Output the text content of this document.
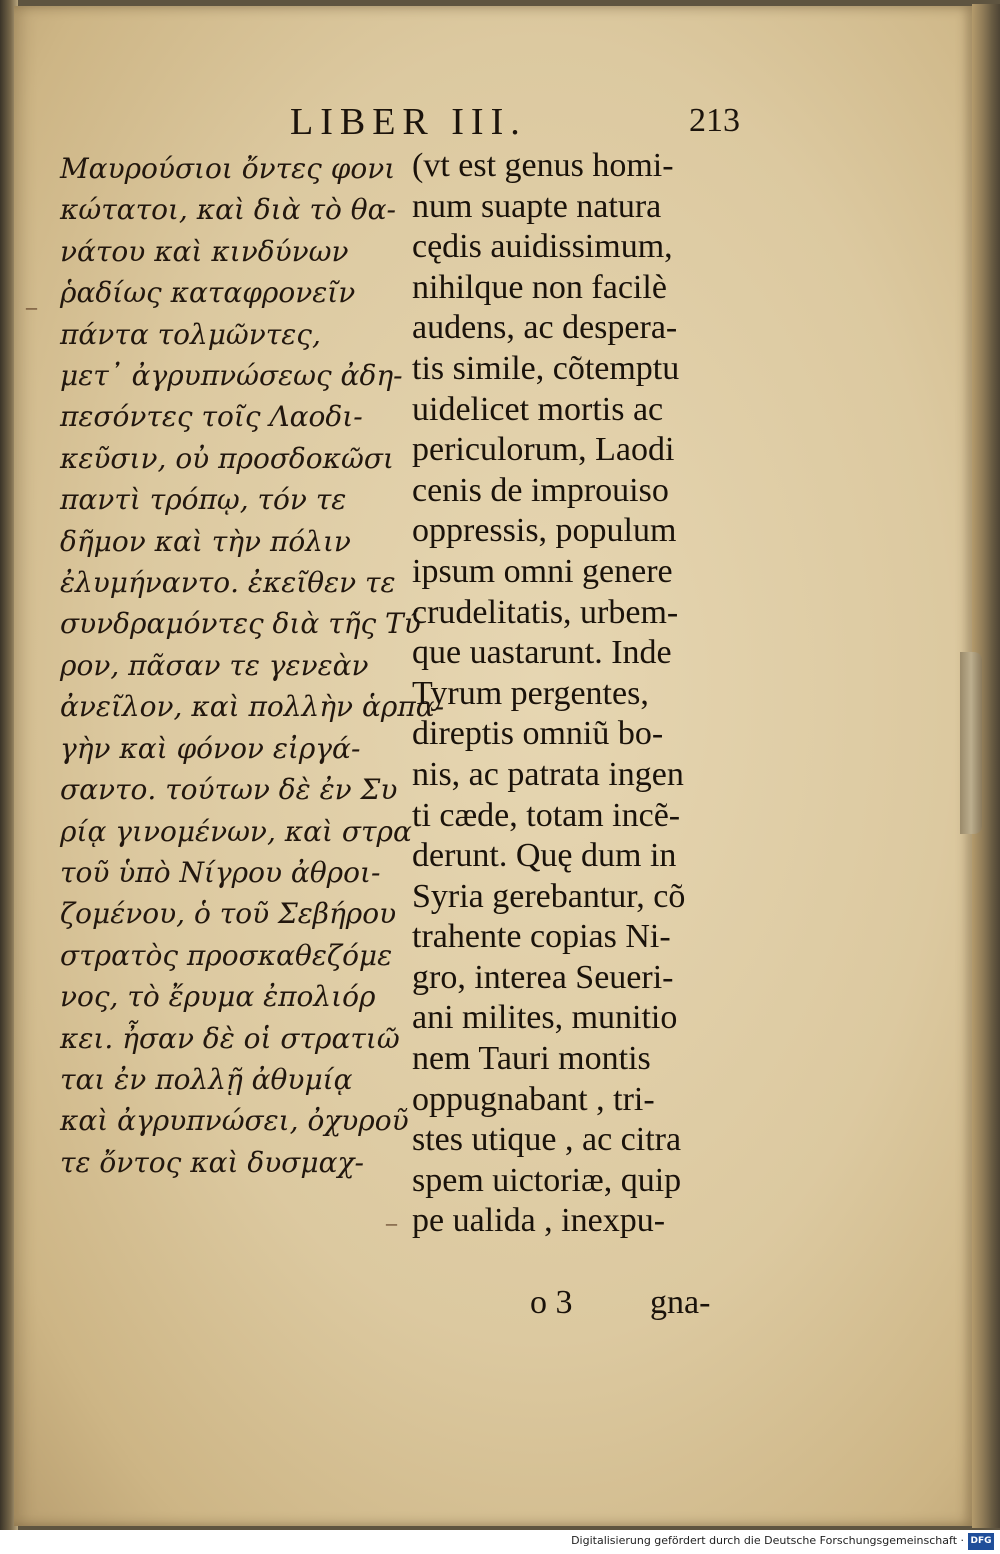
LIBER III.	213
–
–
Μαυρούσιοι ὄντες φονι
κώτατοι, καὶ διὰ τὸ θα-
νάτου καὶ κινδύνων
ῥαδίως καταφρονεῖν
πάντα τολμῶντες,
μετ᾽ ἀγρυπνώσεως ἀδη-
πεσόντες τοῖς Λαοδι-
κεῦσιν, οὐ προσδοκῶσι
παντὶ τρόπῳ, τόν τε
δῆμον καὶ τὴν πόλιν
ἐλυμήναντο. ἐκεῖθεν τε
συνδραμόντες διὰ τῆς Τύ
ρον, πᾶσαν τε γενεὰν
ἀνεῖλον, καὶ πολλὴν ἁρπα-
γὴν καὶ φόνον εἰργά-
σαντο. τούτων δὲ ἐν Συ
ρίᾳ γινομένων, καὶ στρα
τοῦ ὑπὸ Νίγρου ἀθροι-
ζομένου, ὁ τοῦ Σεβήρου
στρατὸς προσκαθεζόμε
νος, τὸ ἔρυμα ἐπολιόρ
κει. ἦσαν δὲ οἱ στρατιῶ
ται ἐν πολλῇ ἀθυμίᾳ
καὶ ἀγρυπνώσει, ὀχυροῦ
τε ὄντος καὶ δυσμαχ-
(vt est genus homi-
num suapte natura
cędis auidissimum,
nihilque non facilè
audens, ac despera-
tis simile, cõtemptu
uidelicet mortis ac
periculorum, Laodi
cenis de improuiso
oppressis, populum
ipsum omni genere
crudelitatis, urbem-
que uastarunt. Inde
Tyrum pergentes,
direptis omniũ bo-
nis, ac patrata ingen
ti cæde, totam incẽ-
derunt. Quę dum in
Syria gerebantur, cõ
trahente copias Ni-
gro, interea Seueri-
ani milites, munitio
nem Tauri montis
oppugnabant , tri-
stes utique , ac citra
spem uictoriæ, quip
pe ualida , inexpu-
o 3 gna-
Digitalisierung gefördert durch die Deutsche Forschungsgemeinschaft · DFG
